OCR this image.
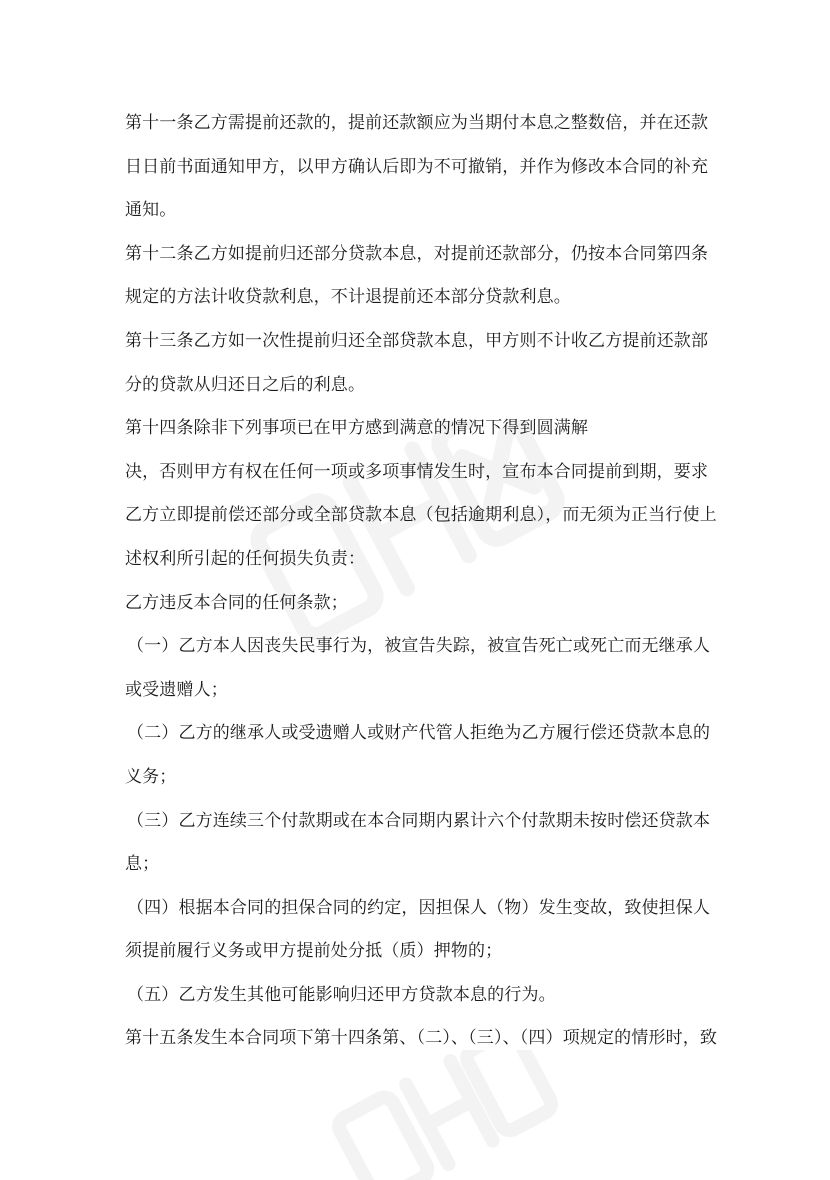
第十一条乙方需提前还款的，提前还款额应为当期付本息之整数倍，并在还款
日日前书面通知甲方，以甲方确认后即为不可撤销，并作为修改本合同的补充
通知。
第十二条乙方如提前归还部分贷款本息，对提前还款部分，仍按本合同第四条
规定的方法计收贷款利息，不计退提前还本部分贷款利息。
第十三条乙方如一次性提前归还全部贷款本息，甲方则不计收乙方提前还款部
分的贷款从归还日之后的利息。
第十四条除非下列事项已在甲方感到满意的情况下得到圆满解
决，否则甲方有权在任何一项或多项事情发生时，宣布本合同提前到期，要求
乙方立即提前偿还部分或全部贷款本息（包括逾期利息），而无须为正当行使上
述权利所引起的任何损失负责：
乙方违反本合同的任何条款；
（一）乙方本人因丧失民事行为，被宣告失踪，被宣告死亡或死亡而无继承人
或受遗赠人；
（二）乙方的继承人或受遗赠人或财产代管人拒绝为乙方履行偿还贷款本息的
义务；
（三）乙方连续三个付款期或在本合同期内累计六个付款期未按时偿还贷款本
息；
（四）根据本合同的担保合同的约定，因担保人（物）发生变故，致使担保人
须提前履行义务或甲方提前处分抵（质）押物的；
（五）乙方发生其他可能影响归还甲方贷款本息的行为。
第十五条发生本合同项下第十四条第、（二）、（三）、（四）项规定的情形时，致
